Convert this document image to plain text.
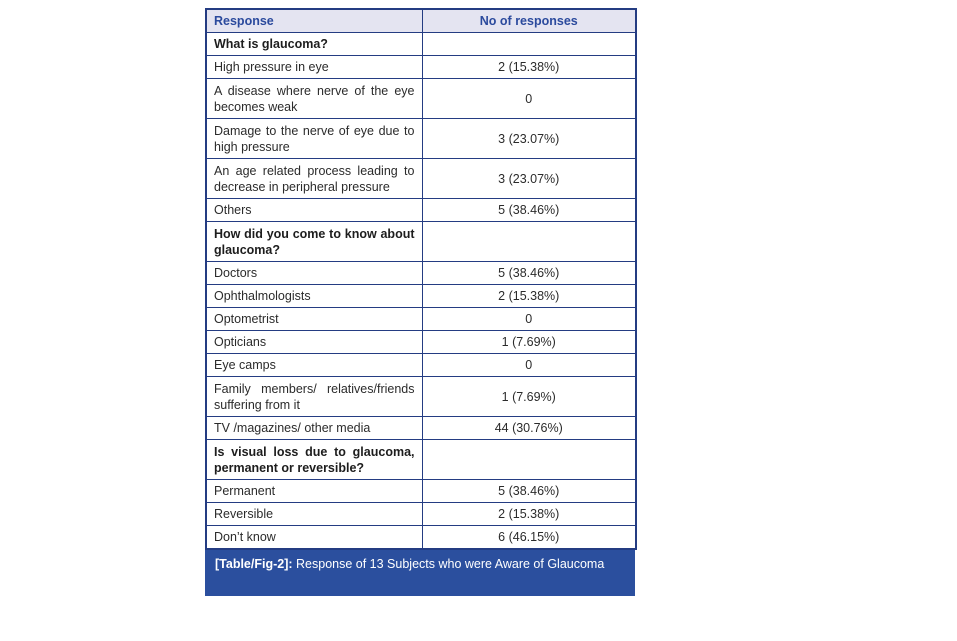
Response	No of responses
What is glaucoma?	
High pressure in eye	2 (15.38%)
A disease where nerve of the eye becomes weak	0
Damage to the nerve of eye due to high pressure	3 (23.07%)
An age related process leading to decrease in peripheral pressure	3 (23.07%)
Others	5 (38.46%)
How did you come to know about glaucoma?	
Doctors	5 (38.46%)
Ophthalmologists	2 (15.38%)
Optometrist	0
Opticians	1 (7.69%)
Eye camps	0
Family members/ relatives/friends suffering from it	1 (7.69%)
TV /magazines/ other media	44 (30.76%)
Is visual loss due to glaucoma, permanent or reversible?	
Permanent	5 (38.46%)
Reversible	2 (15.38%)
Don’t know	6 (46.15%)
[Table/Fig-2]: Response of 13 Subjects who were Aware of Glaucoma
